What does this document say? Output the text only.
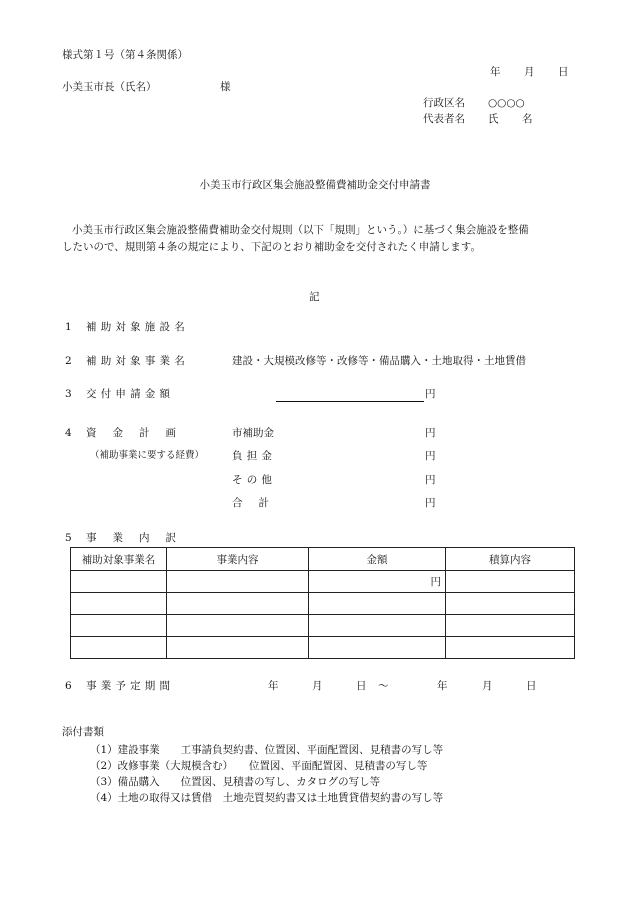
様式第１号（第４条関係）
年 月 日
小美玉市長（氏名）	様
行政区名 ○○○○
代表者名 氏 名
小美玉市行政区集会施設整備費補助金交付申請書
小美玉市行政区集会施設整備費補助金交付規則（以下「規則」という。）に基づく集会施設を整備
したいので、規則第４条の規定により、下記のとおり補助金を交付されたく申請します。
記
1 補助対象施設名
2 補助対象事業名	建設・大規模改修等・改修等・備品購入・土地取得・土地賃借
3 交付申請金額	円
4 資金計画
（補助事業に要する経費）
市補助金	円
負担金	円
その他	円
合計	円
5 事業内訳
補助対象事業名	事業内容	金額	積算内容
		円	

6 事業予定期間	年	月	日 ～	年	月	日
添付書類
（1）建設事業　　工事請負契約書、位置図、平面配置図、見積書の写し等
（2）改修事業（大規模含む）　　位置図、平面配置図、見積書の写し等
（3）備品購入　　位置図、見積書の写し、カタログの写し等
（4）土地の取得又は賃借　土地売買契約書又は土地賃貸借契約書の写し等
